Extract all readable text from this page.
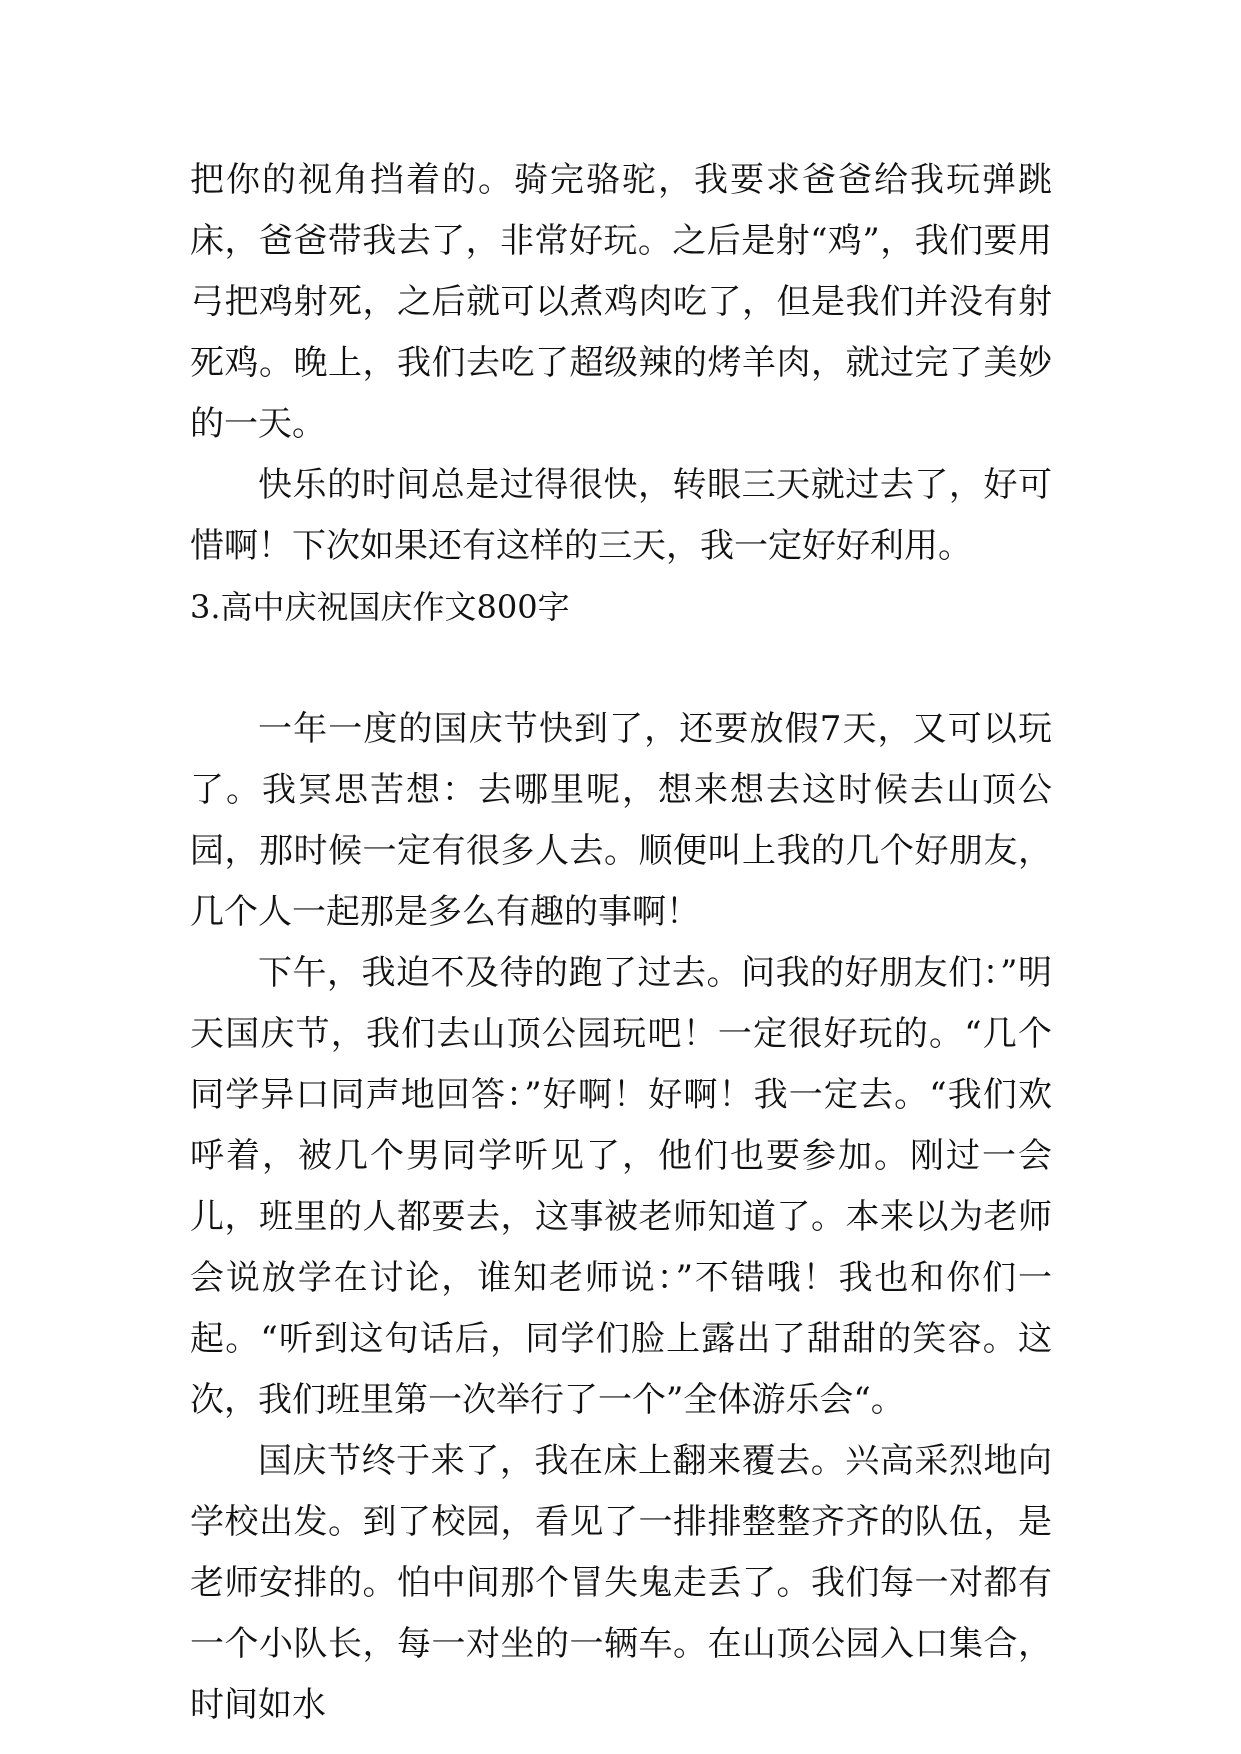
把你的视角挡着的。骑完骆驼，我要求爸爸给我玩弹跳床，爸爸带我去了，非常好玩。之后是射“鸡”，我们要用弓把鸡射死，之后就可以煮鸡肉吃了，但是我们并没有射死鸡。晚上，我们去吃了超级辣的烤羊肉，就过完了美妙的一天。

快乐的时间总是过得很快，转眼三天就过去了，好可惜啊！下次如果还有这样的三天，我一定好好利用。

3.高中庆祝国庆作文800字

一年一度的国庆节快到了，还要放假7天，又可以玩了。我冥思苦想：去哪里呢，想来想去这时候去山顶公园，那时候一定有很多人去。顺便叫上我的几个好朋友，几个人一起那是多么有趣的事啊！

下午，我迫不及待的跑了过去。问我的好朋友们：”明天国庆节，我们去山顶公园玩吧！一定很好玩的。“几个同学异口同声地回答：”好啊！好啊！我一定去。“我们欢呼着，被几个男同学听见了，他们也要参加。刚过一会儿，班里的人都要去，这事被老师知道了。本来以为老师会说放学在讨论，谁知老师说：”不错哦！我也和你们一起。“听到这句话后，同学们脸上露出了甜甜的笑容。这次，我们班里第一次举行了一个”全体游乐会“。

国庆节终于来了，我在床上翻来覆去。兴高采烈地向学校出发。到了校园，看见了一排排整整齐齐的队伍，是老师安排的。怕中间那个冒失鬼走丢了。我们每一对都有一个小队长，每一对坐的一辆车。在山顶公园入口集合，时间如水
